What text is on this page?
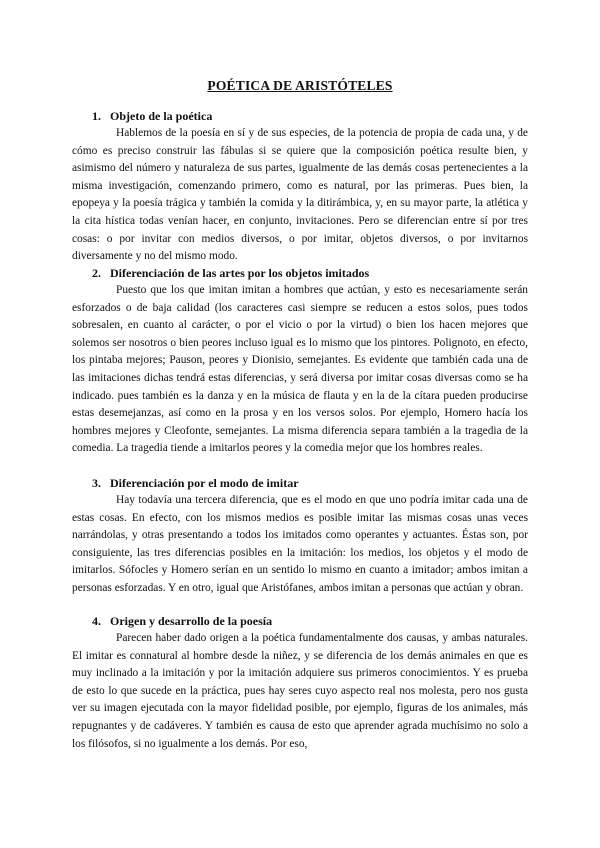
POÉTICA DE ARISTÓTELES

1. Objeto de la poética

Hablemos de la poesía en sí y de sus especies, de la potencia de propia de cada una, y de cómo es preciso construir las fábulas si se quiere que la composición poética resulte bien, y asimismo del número y naturaleza de sus partes, igualmente de las demás cosas pertenecientes a la misma investigación, comenzando primero, como es natural, por las primeras. Pues bien, la epopeya y la poesía trágica y también la comida y la ditirámbica, y, en su mayor parte, la atlética y la cita hística todas venían hacer, en conjunto, invitaciones. Pero se diferencian entre sí por tres cosas: o por invitar con medios diversos, o por imitar, objetos diversos, o por invitarnos diversamente y no del mismo modo.

2. Diferenciación de las artes por los objetos imitados

Puesto que los que imitan imitan a hombres que actúan, y esto es necesariamente serán esforzados o de baja calidad (los caracteres casi siempre se reducen a estos solos, pues todos sobresalen, en cuanto al carácter, o por el vicio o por la virtud) o bien los hacen mejores que solemos ser nosotros o bien peores incluso igual es lo mismo que los pintores. Polignoto, en efecto, los pintaba mejores; Pauson, peores y Dionisio, semejantes. Es evidente que también cada una de las imitaciones dichas tendrá estas diferencias, y será diversa por imitar cosas diversas como se ha indicado. pues también es la danza y en la música de flauta y en la de la cítara pueden producirse estas desemejanzas, así como en la prosa y en los versos solos. Por ejemplo, Homero hacía los hombres mejores y Cleofonte, semejantes. La misma diferencia separa también a la tragedia de la comedia. La tragedia tiende a imitarlos peores y la comedia mejor que los hombres reales.

3. Diferenciación por el modo de imitar

Hay todavía una tercera diferencia, que es el modo en que uno podría imitar cada una de estas cosas. En efecto, con los mismos medios es posible imitar las mismas cosas unas veces narrándolas, y otras presentando a todos los imitados como operantes y actuantes. Éstas son, por consiguiente, las tres diferencias posibles en la imitación: los medios, los objetos y el modo de imitarlos. Sófocles y Homero serían en un sentido lo mismo en cuanto a imitador; ambos imitan a personas esforzadas. Y en otro, igual que Aristófanes, ambos imitan a personas que actúan y obran.

4. Origen y desarrollo de la poesía

Parecen haber dado origen a la poética fundamentalmente dos causas, y ambas naturales. El imitar es connatural al hombre desde la niñez, y se diferencia de los demás animales en que es muy inclinado a la imitación y por la imitación adquiere sus primeros conocimientos. Y es prueba de esto lo que sucede en la práctica, pues hay seres cuyo aspecto real nos molesta, pero nos gusta ver su imagen ejecutada con la mayor fidelidad posible, por ejemplo, figuras de los animales, más repugnantes y de cadáveres. Y también es causa de esto que aprender agrada muchísimo no solo a los filósofos, si no igualmente a los demás. Por eso,
